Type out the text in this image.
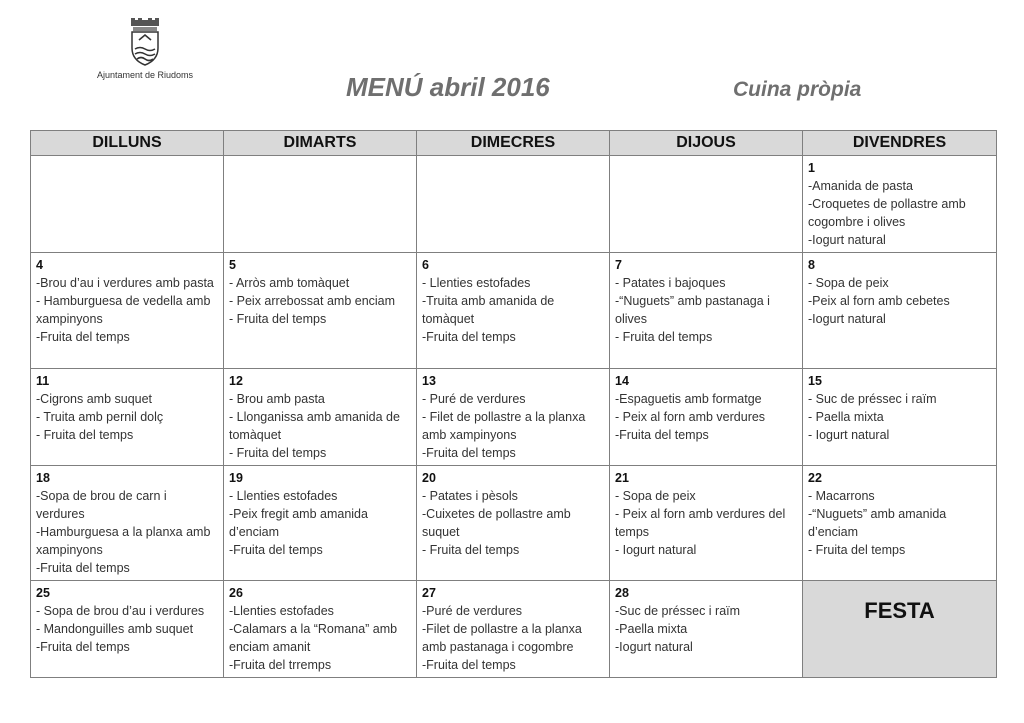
Ajuntament de Riudoms	MENÚ abril 2016	Cuina pròpia
DILLUNS	DIMARTS	DIMECRES	DIJOUS	DIVENDRES

				1
-Amanida de pasta
-Croquetes de pollastre amb cogombre i olives
-Iogurt natural

4
-Brou d’au i verdures amb pasta
- Hamburguesa de vedella amb xampinyons
-Fruita del temps	5
- Arròs amb tomàquet
- Peix arrebossat amb enciam
- Fruita del temps	6
- Llenties estofades
-Truita amb amanida de tomàquet
-Fruita del temps	7
- Patates i bajoques
-“Nuguets” amb pastanaga i olives
- Fruita del temps	8
- Sopa de peix
-Peix al forn amb cebetes
-Iogurt natural

11
-Cigrons amb suquet
- Truita amb pernil dolç
- Fruita del temps	12
- Brou amb pasta
- Llonganissa amb amanida de tomàquet
- Fruita del temps	13
- Puré de verdures
- Filet de pollastre a la planxa amb xampinyons
-Fruita del temps	14
-Espaguetis amb formatge
- Peix al forn amb verdures
-Fruita del temps	15
- Suc de préssec i raïm
- Paella mixta
- Iogurt natural

18
-Sopa de brou de carn i verdures
-Hamburguesa a la planxa amb xampinyons
-Fruita del temps	19
- Llenties estofades
-Peix fregit amb amanida d’enciam
-Fruita del temps	20
- Patates i pèsols
-Cuixetes de pollastre amb suquet
- Fruita del temps	21
- Sopa de peix
- Peix al forn amb verdures del temps
- Iogurt natural	22
- Macarrons
-“Nuguets” amb amanida d’enciam
- Fruita del temps

25
- Sopa de brou d’au i verdures
- Mandonguilles amb suquet
-Fruita del temps	26
-Llenties estofades
-Calamars a la “Romana” amb enciam amanit
-Fruita del trremps	27
-Puré de verdures
-Filet de pollastre a la planxa amb pastanaga i cogombre
-Fruita del temps	28
-Suc de préssec i raïm
-Paella mixta
-Iogurt natural	FESTA
